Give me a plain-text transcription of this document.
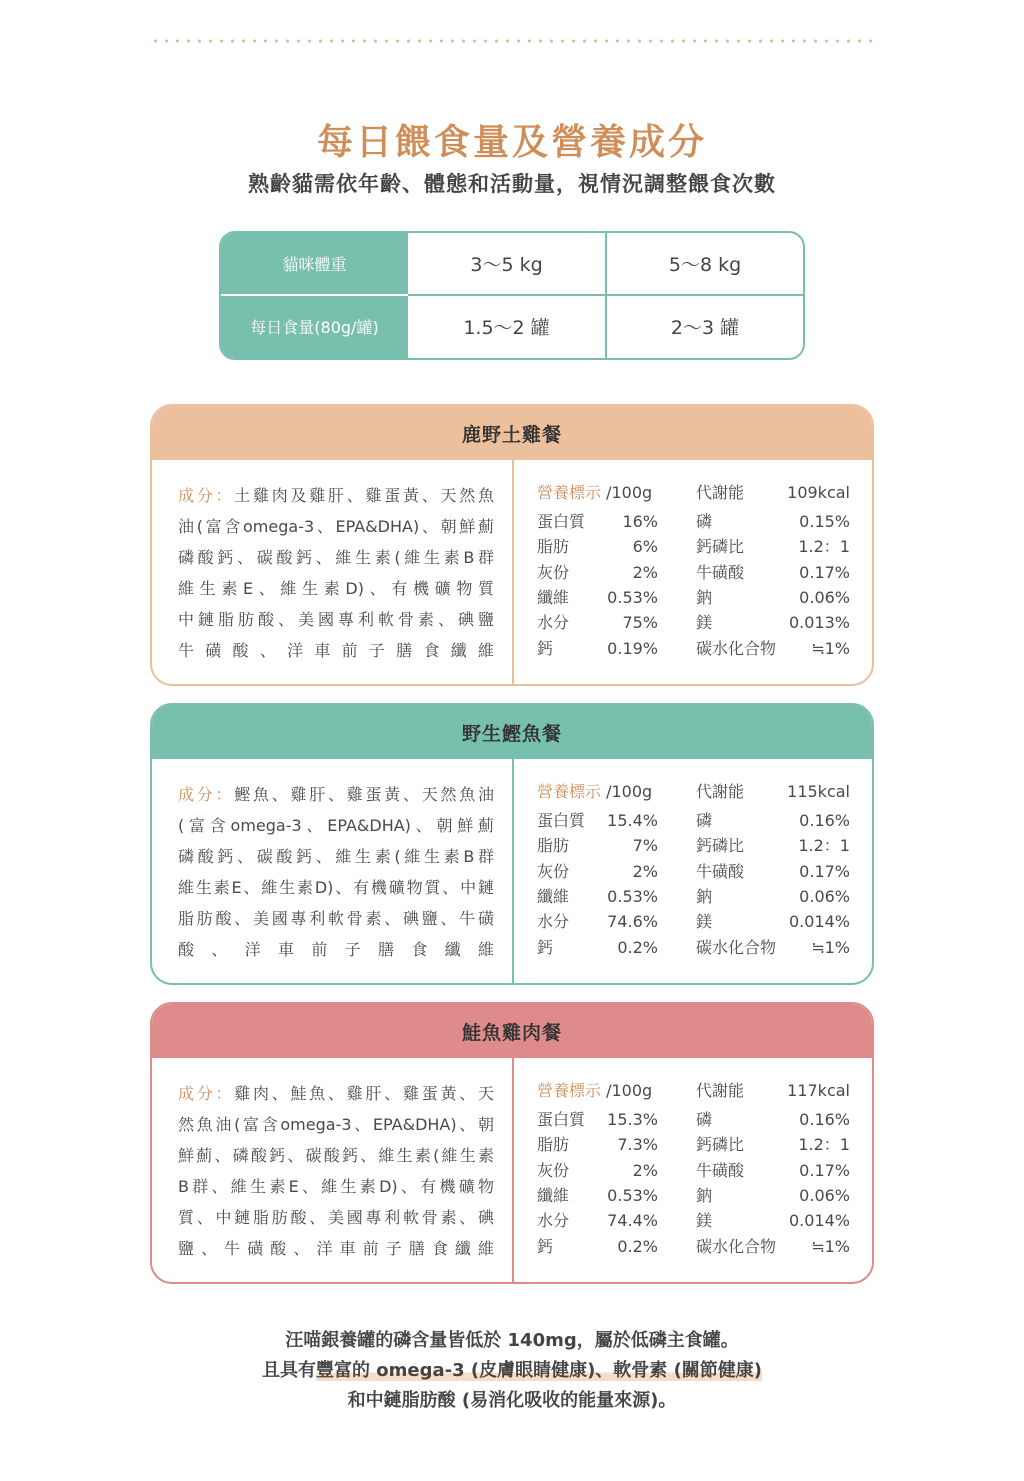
每日餵食量及營養成分
熟齡貓需依年齡、體態和活動量，視情況調整餵食次數
貓咪體重	3～5 kg	5～8 kg
每日食量(80g/罐)	1.5～2 罐	2～3 罐
鹿野土雞餐
成分：土雞肉及雞肝、雞蛋黃、天然魚
油(富含omega-3、EPA&DHA)、朝鮮薊
磷酸鈣、碳酸鈣、維生素(維生素B群
維生素E、維生素D)、有機礦物質
中鏈脂肪酸、美國專利軟骨素、碘鹽
牛磺酸、洋車前子膳食纖維
營養標示 /100g	代謝能	109kcal
蛋白質	16% 磷	0.15%
脂肪	6% 鈣磷比	1.2：1
灰份	2% 牛磺酸	0.17%
纖維	0.53% 鈉	0.06%
水分	75% 鎂	0.013%
鈣	0.19% 碳水化合物	≒1%
野生鰹魚餐
成分：鰹魚、雞肝、雞蛋黃、天然魚油
(富含omega-3、EPA&DHA)、朝鮮薊
磷酸鈣、碳酸鈣、維生素(維生素B群
維生素E、維生素D)、有機礦物質、中鏈
脂肪酸、美國專利軟骨素、碘鹽、牛磺
酸、洋車前子膳食纖維
營養標示 /100g	代謝能	115kcal
蛋白質	15.4% 磷	0.16%
脂肪	7% 鈣磷比	1.2：1
灰份	2% 牛磺酸	0.17%
纖維	0.53% 鈉	0.06%
水分	74.6% 鎂	0.014%
鈣	0.2% 碳水化合物	≒1%
鮭魚雞肉餐
成分：雞肉、鮭魚、雞肝、雞蛋黃、天
然魚油(富含omega-3、EPA&DHA)、朝
鮮薊、磷酸鈣、碳酸鈣、維生素(維生素
B群、維生素E、維生素D)、有機礦物
質、中鏈脂肪酸、美國專利軟骨素、碘
鹽、牛磺酸、洋車前子膳食纖維
營養標示 /100g	代謝能	117kcal
蛋白質	15.3% 磷	0.16%
脂肪	7.3% 鈣磷比	1.2：1
灰份	2% 牛磺酸	0.17%
纖維	0.53% 鈉	0.06%
水分	74.4% 鎂	0.014%
鈣	0.2% 碳水化合物	≒1%
汪喵銀養罐的磷含量皆低於 140mg，屬於低磷主食罐。
且具有豐富的 omega-3 (皮膚眼睛健康)、軟骨素 (關節健康)
和中鏈脂肪酸 (易消化吸收的能量來源)。
